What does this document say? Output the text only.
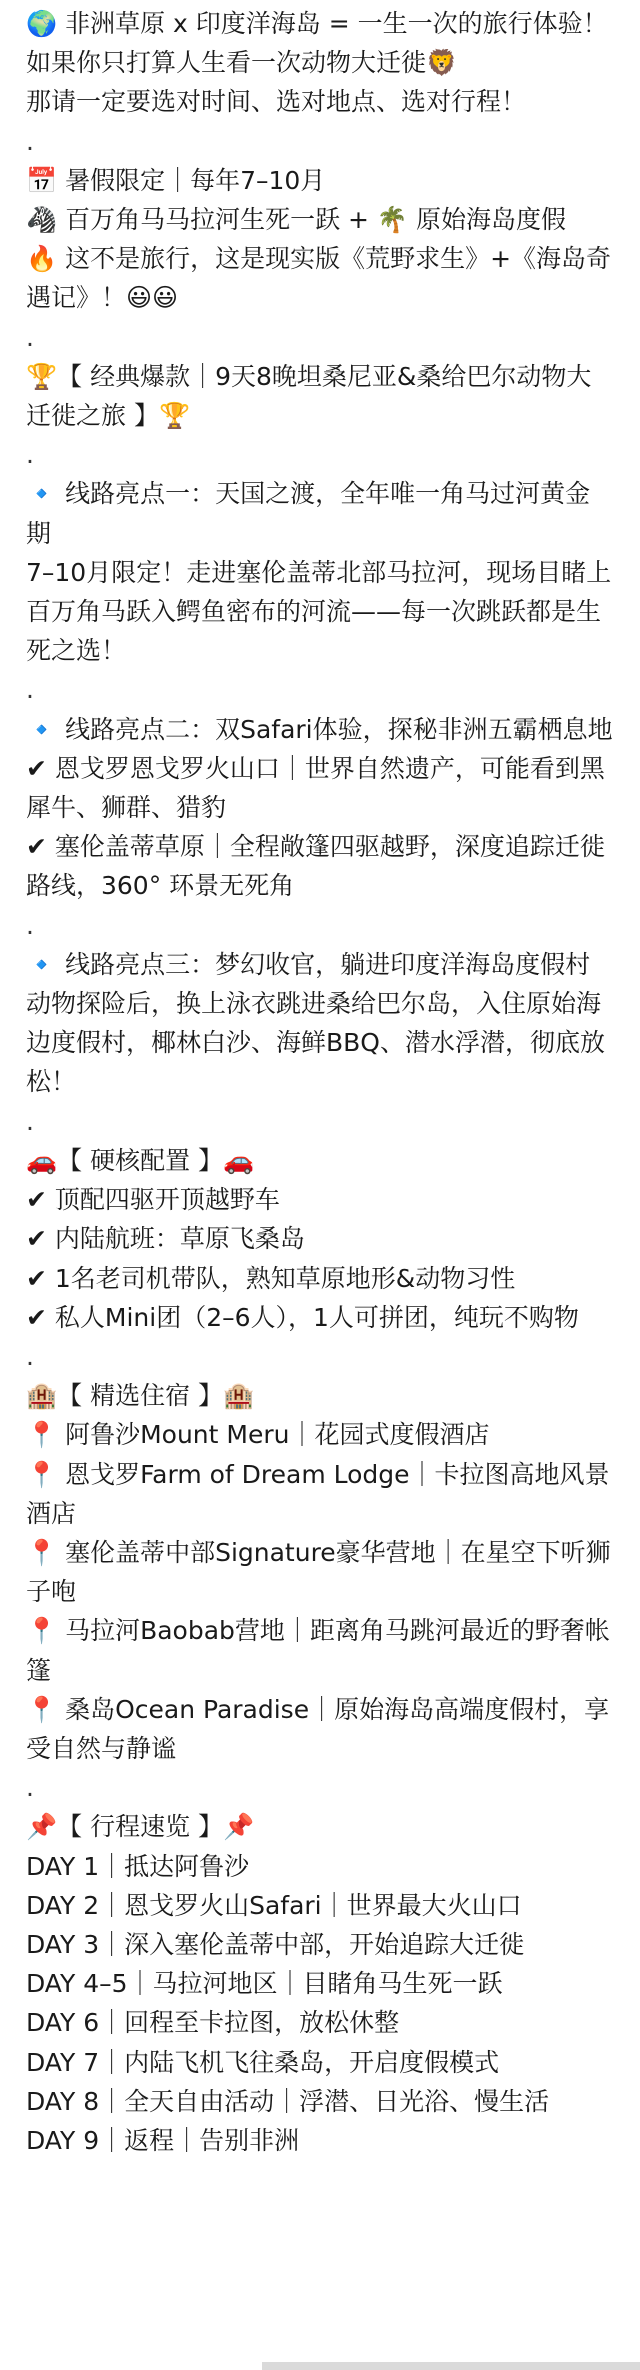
🌍 非洲草原 x 印度洋海岛 = 一生一次的旅行体验！

如果你只打算人生看一次动物大迁徙🦁

那请一定要选对时间、选对地点、选对行程！

.

📅 暑假限定｜每年7–10月

🦓 百万角马马拉河生死一跃 + 🌴 原始海岛度假

🔥 这不是旅行，这是现实版《荒野求生》+《海岛奇遇记》！😃😃

.

🏆【 经典爆款｜9天8晚坦桑尼亚&桑给巴尔动物大迁徙之旅 】🏆

.

🔹 线路亮点一：天国之渡，全年唯一角马过河黄金期

7–10月限定！走进塞伦盖蒂北部马拉河，现场目睹上百万角马跃入鳄鱼密布的河流——每一次跳跃都是生死之选！

.

🔹 线路亮点二：双Safari体验，探秘非洲五霸栖息地

✔ 恩戈罗恩戈罗火山口｜世界自然遗产，可能看到黑犀牛、狮群、猎豹

✔ 塞伦盖蒂草原｜全程敞篷四驱越野，深度追踪迁徙路线，360° 环景无死角

.

🔹 线路亮点三：梦幻收官，躺进印度洋海岛度假村

动物探险后，换上泳衣跳进桑给巴尔岛，入住原始海边度假村，椰林白沙、海鲜BBQ、潜水浮潜，彻底放松！

.

🚗【 硬核配置 】🚗

✔ 顶配四驱开顶越野车

✔ 内陆航班：草原飞桑岛

✔ 1名老司机带队，熟知草原地形&动物习性

✔ 私人Mini团（2–6人），1人可拼团，纯玩不购物

.

🏨【 精选住宿 】🏨

📍 阿鲁沙Mount Meru｜花园式度假酒店

📍 恩戈罗Farm of Dream Lodge｜卡拉图高地风景酒店

📍 塞伦盖蒂中部Signature豪华营地｜在星空下听狮子咆

📍 马拉河Baobab营地｜距离角马跳河最近的野奢帐篷

📍 桑岛Ocean Paradise｜原始海岛高端度假村，享受自然与静谧

.

📌【 行程速览 】📌

DAY 1｜抵达阿鲁沙

DAY 2｜恩戈罗火山Safari｜世界最大火山口

DAY 3｜深入塞伦盖蒂中部，开始追踪大迁徙

DAY 4–5｜马拉河地区｜目睹角马生死一跃

DAY 6｜回程至卡拉图，放松休整

DAY 7｜内陆飞机飞往桑岛，开启度假模式

DAY 8｜全天自由活动｜浮潜、日光浴、慢生活

DAY 9｜返程｜告别非洲
